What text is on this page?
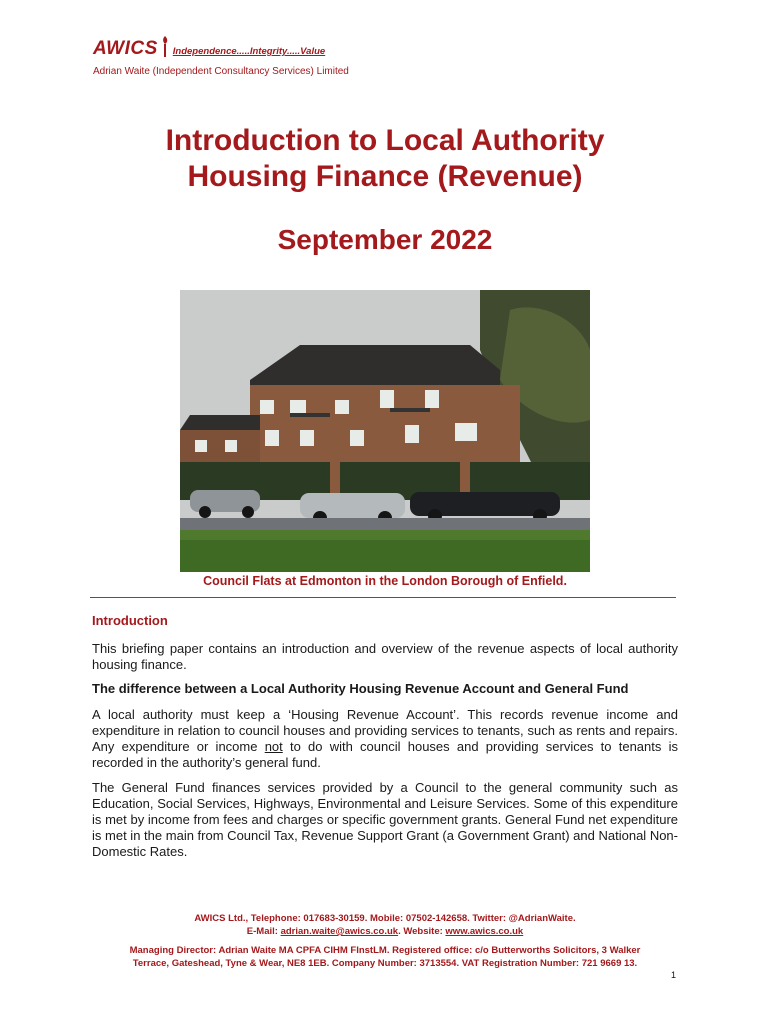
AWICS Independence.....Integrity.....Value
Adrian Waite (Independent Consultancy Services) Limited
Introduction to Local Authority
Housing Finance (Revenue)
September 2022
Council Flats at Edmonton in the London Borough of Enfield.
Introduction
This briefing paper contains an introduction and overview of the revenue aspects of local authority housing finance.
The difference between a Local Authority Housing Revenue Account and General Fund
A local authority must keep a ‘Housing Revenue Account’. This records revenue income and expenditure in relation to council houses and providing services to tenants, such as rents and repairs. Any expenditure or income not to do with council houses and providing services to tenants is recorded in the authority’s general fund.
The General Fund finances services provided by a Council to the general community such as Education, Social Services, Highways, Environmental and Leisure Services. Some of this expenditure is met by income from fees and charges or specific government grants. General Fund net expenditure is met in the main from Council Tax, Revenue Support Grant (a Government Grant) and National Non-Domestic Rates.
AWICS Ltd., Telephone: 017683-30159. Mobile: 07502-142658. Twitter: @AdrianWaite.
E-Mail: adrian.waite@awics.co.uk. Website: www.awics.co.uk
Managing Director: Adrian Waite MA CPFA CIHM FInstLM. Registered office: c/o Butterworths Solicitors, 3 Walker
Terrace, Gateshead, Tyne & Wear, NE8 1EB. Company Number: 3713554. VAT Registration Number: 721 9669 13.
1
